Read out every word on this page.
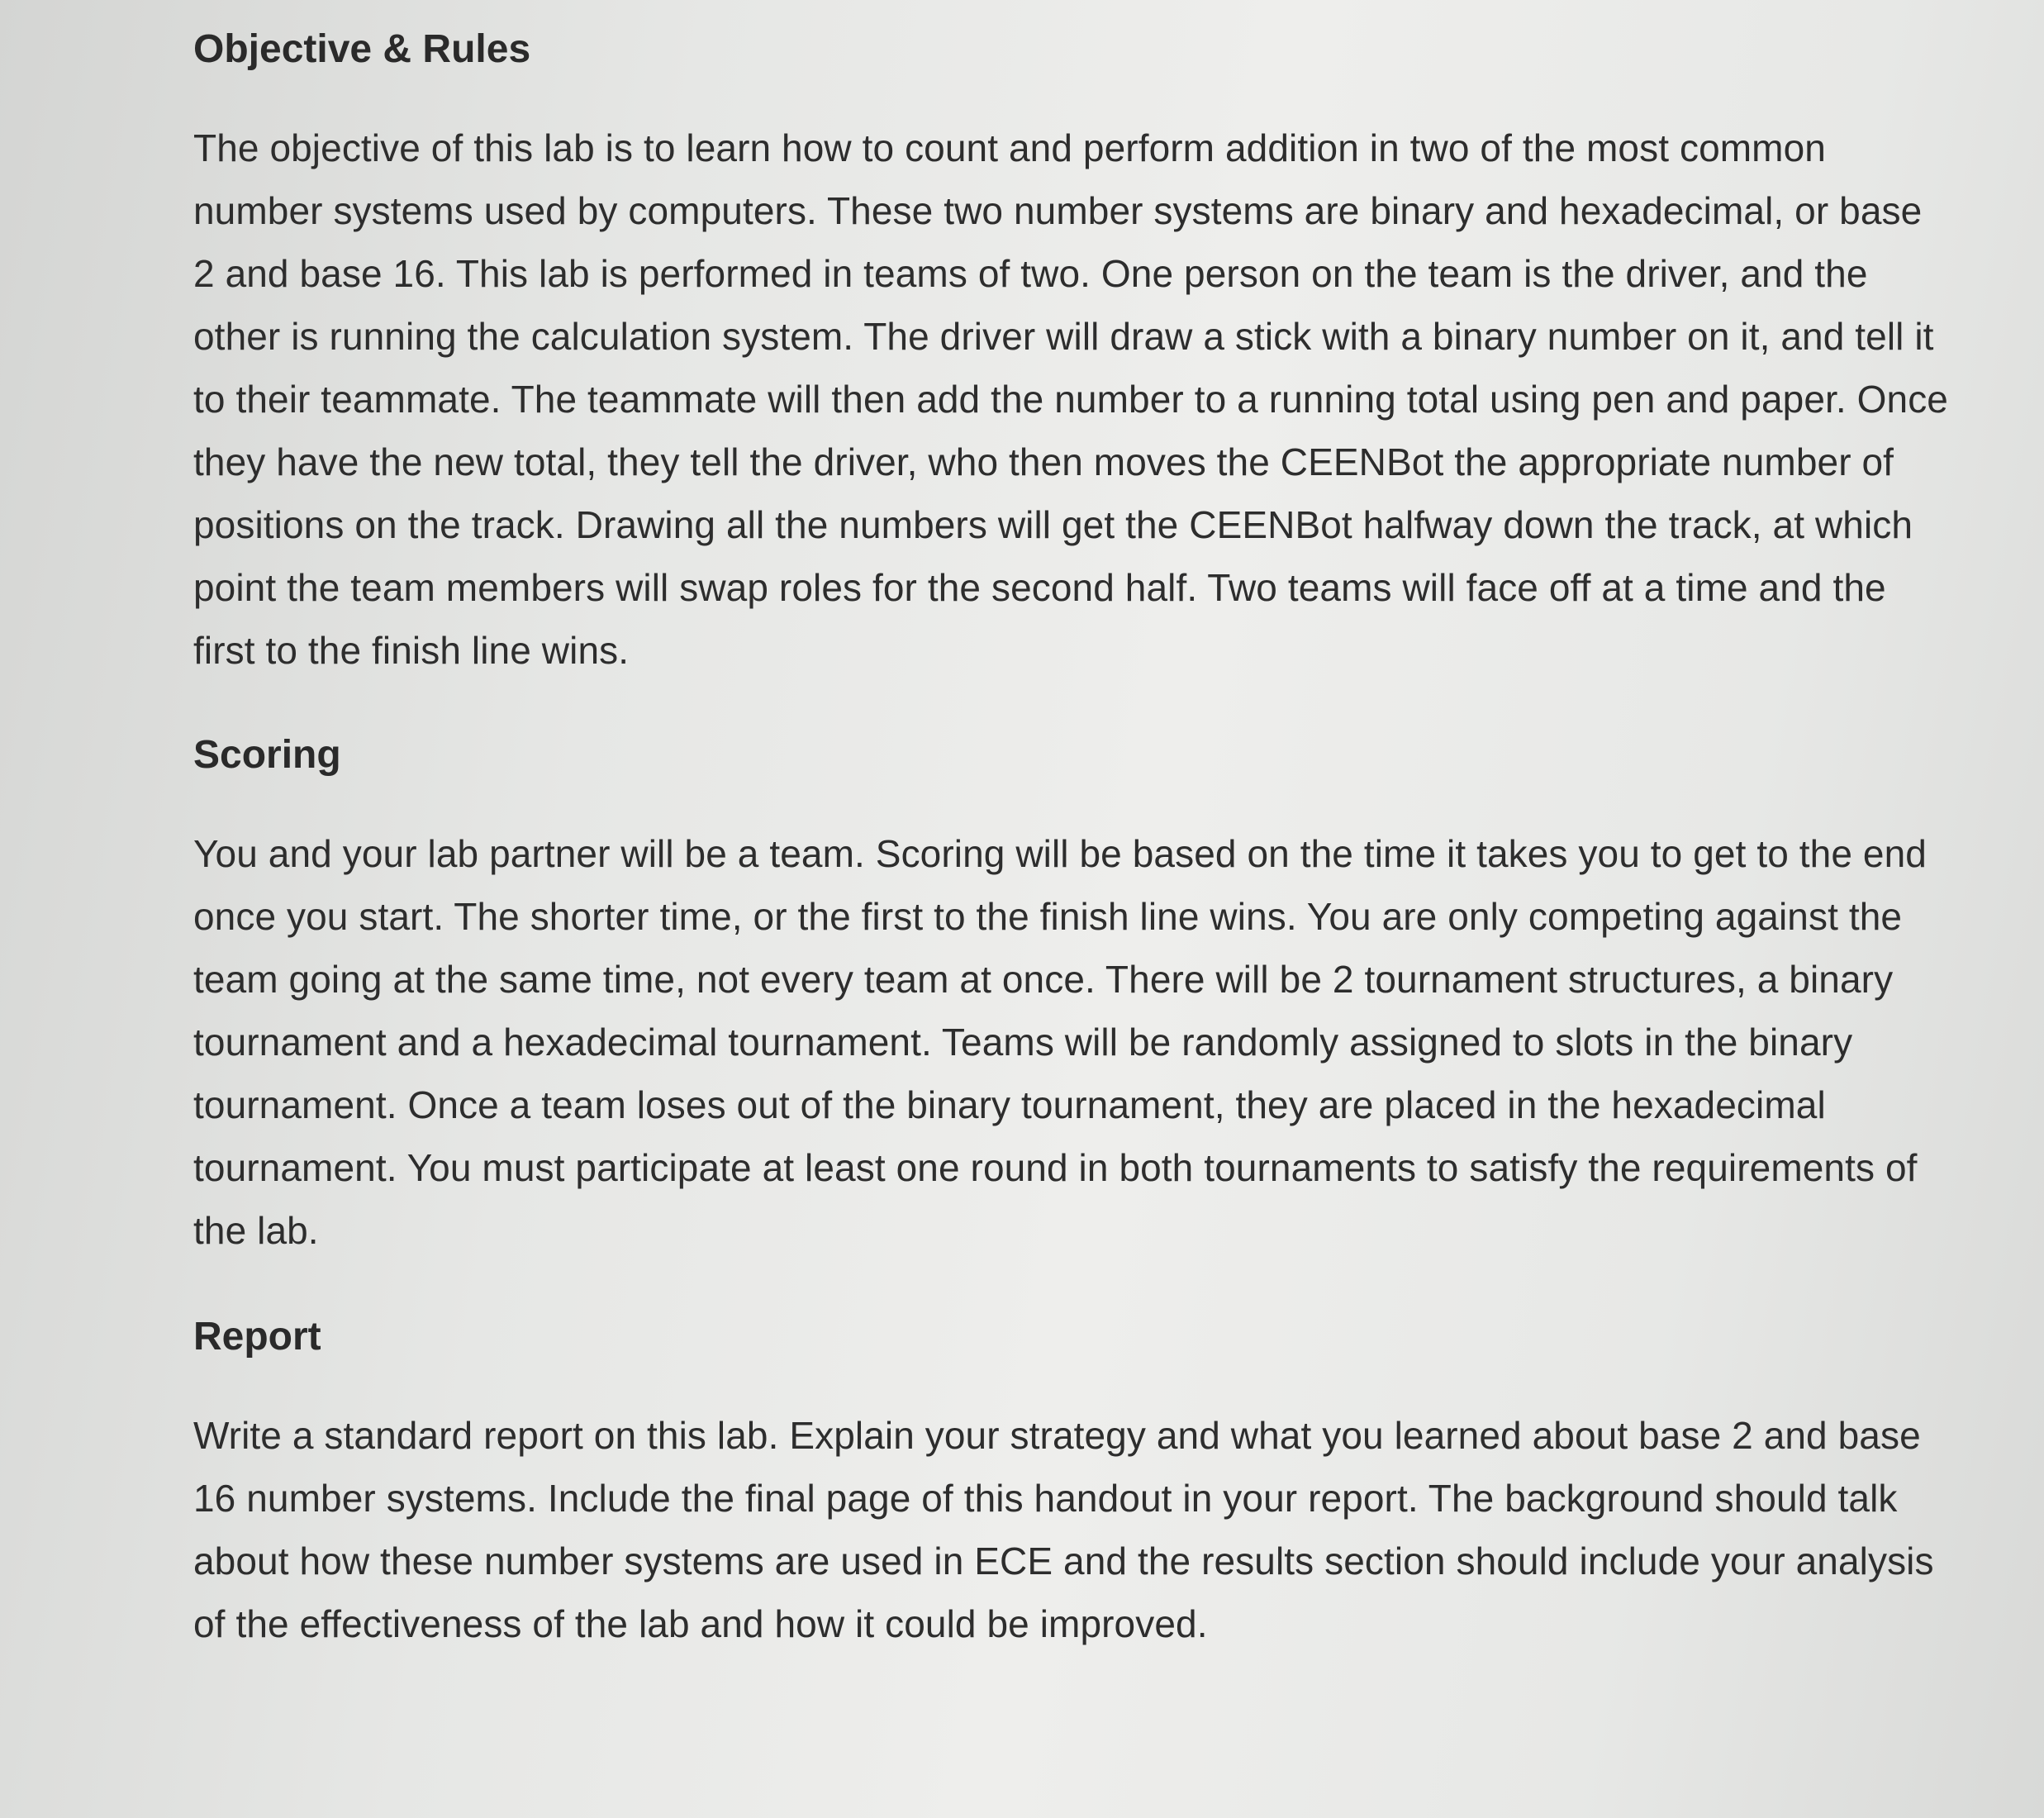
Objective & Rules

The objective of this lab is to learn how to count and perform addition in two of the most common number systems used by computers. These two number systems are binary and hexadecimal, or base 2 and base 16. This lab is performed in teams of two. One person on the team is the driver, and the other is running the calculation system. The driver will draw a stick with a binary number on it, and tell it to their teammate. The teammate will then add the number to a running total using pen and paper. Once they have the new total, they tell the driver, who then moves the CEENBot the appropriate number of positions on the track. Drawing all the numbers will get the CEENBot halfway down the track, at which point the team members will swap roles for the second half. Two teams will face off at a time and the first to the finish line wins.

Scoring

You and your lab partner will be a team. Scoring will be based on the time it takes you to get to the end once you start. The shorter time, or the first to the finish line wins. You are only competing against the team going at the same time, not every team at once. There will be 2 tournament structures, a binary tournament and a hexadecimal tournament. Teams will be randomly assigned to slots in the binary tournament. Once a team loses out of the binary tournament, they are placed in the hexadecimal tournament. You must participate at least one round in both tournaments to satisfy the requirements of the lab.

Report

Write a standard report on this lab. Explain your strategy and what you learned about base 2 and base 16 number systems. Include the final page of this handout in your report. The background should talk about how these number systems are used in ECE and the results section should include your analysis of the effectiveness of the lab and how it could be improved.
